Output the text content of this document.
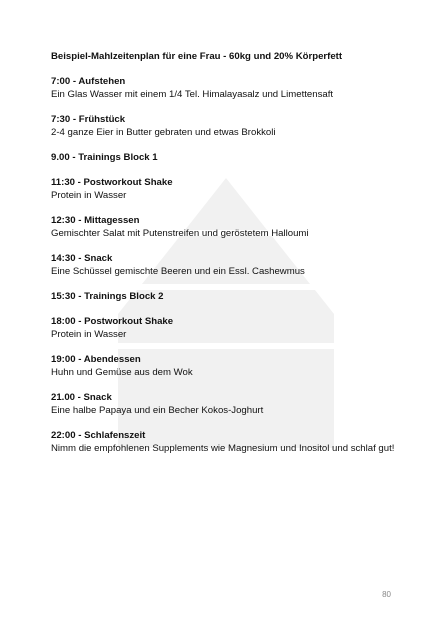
Beispiel-Mahlzeitenplan für eine Frau - 60kg und 20% Körperfett
7:00 - Aufstehen
Ein Glas Wasser mit einem 1/4 Tel. Himalayasalz und Limettensaft
7:30 - Frühstück
2-4 ganze Eier in Butter gebraten und etwas Brokkoli
9.00 - Trainings Block 1
11:30 - Postworkout Shake
Protein in Wasser
12:30 - Mittagessen
Gemischter Salat mit Putenstreifen und geröstetem Halloumi
14:30 - Snack
Eine Schüssel gemischte Beeren und ein Essl. Cashewmus
15:30 - Trainings Block 2
18:00 - Postworkout Shake
Protein in Wasser
19:00 - Abendessen
Huhn und Gemüse aus dem Wok
21.00 - Snack
Eine halbe Papaya und ein Becher Kokos-Joghurt
22:00 - Schlafenszeit
Nimm die empfohlenen Supplements wie Magnesium und Inositol und schlaf gut!
80
